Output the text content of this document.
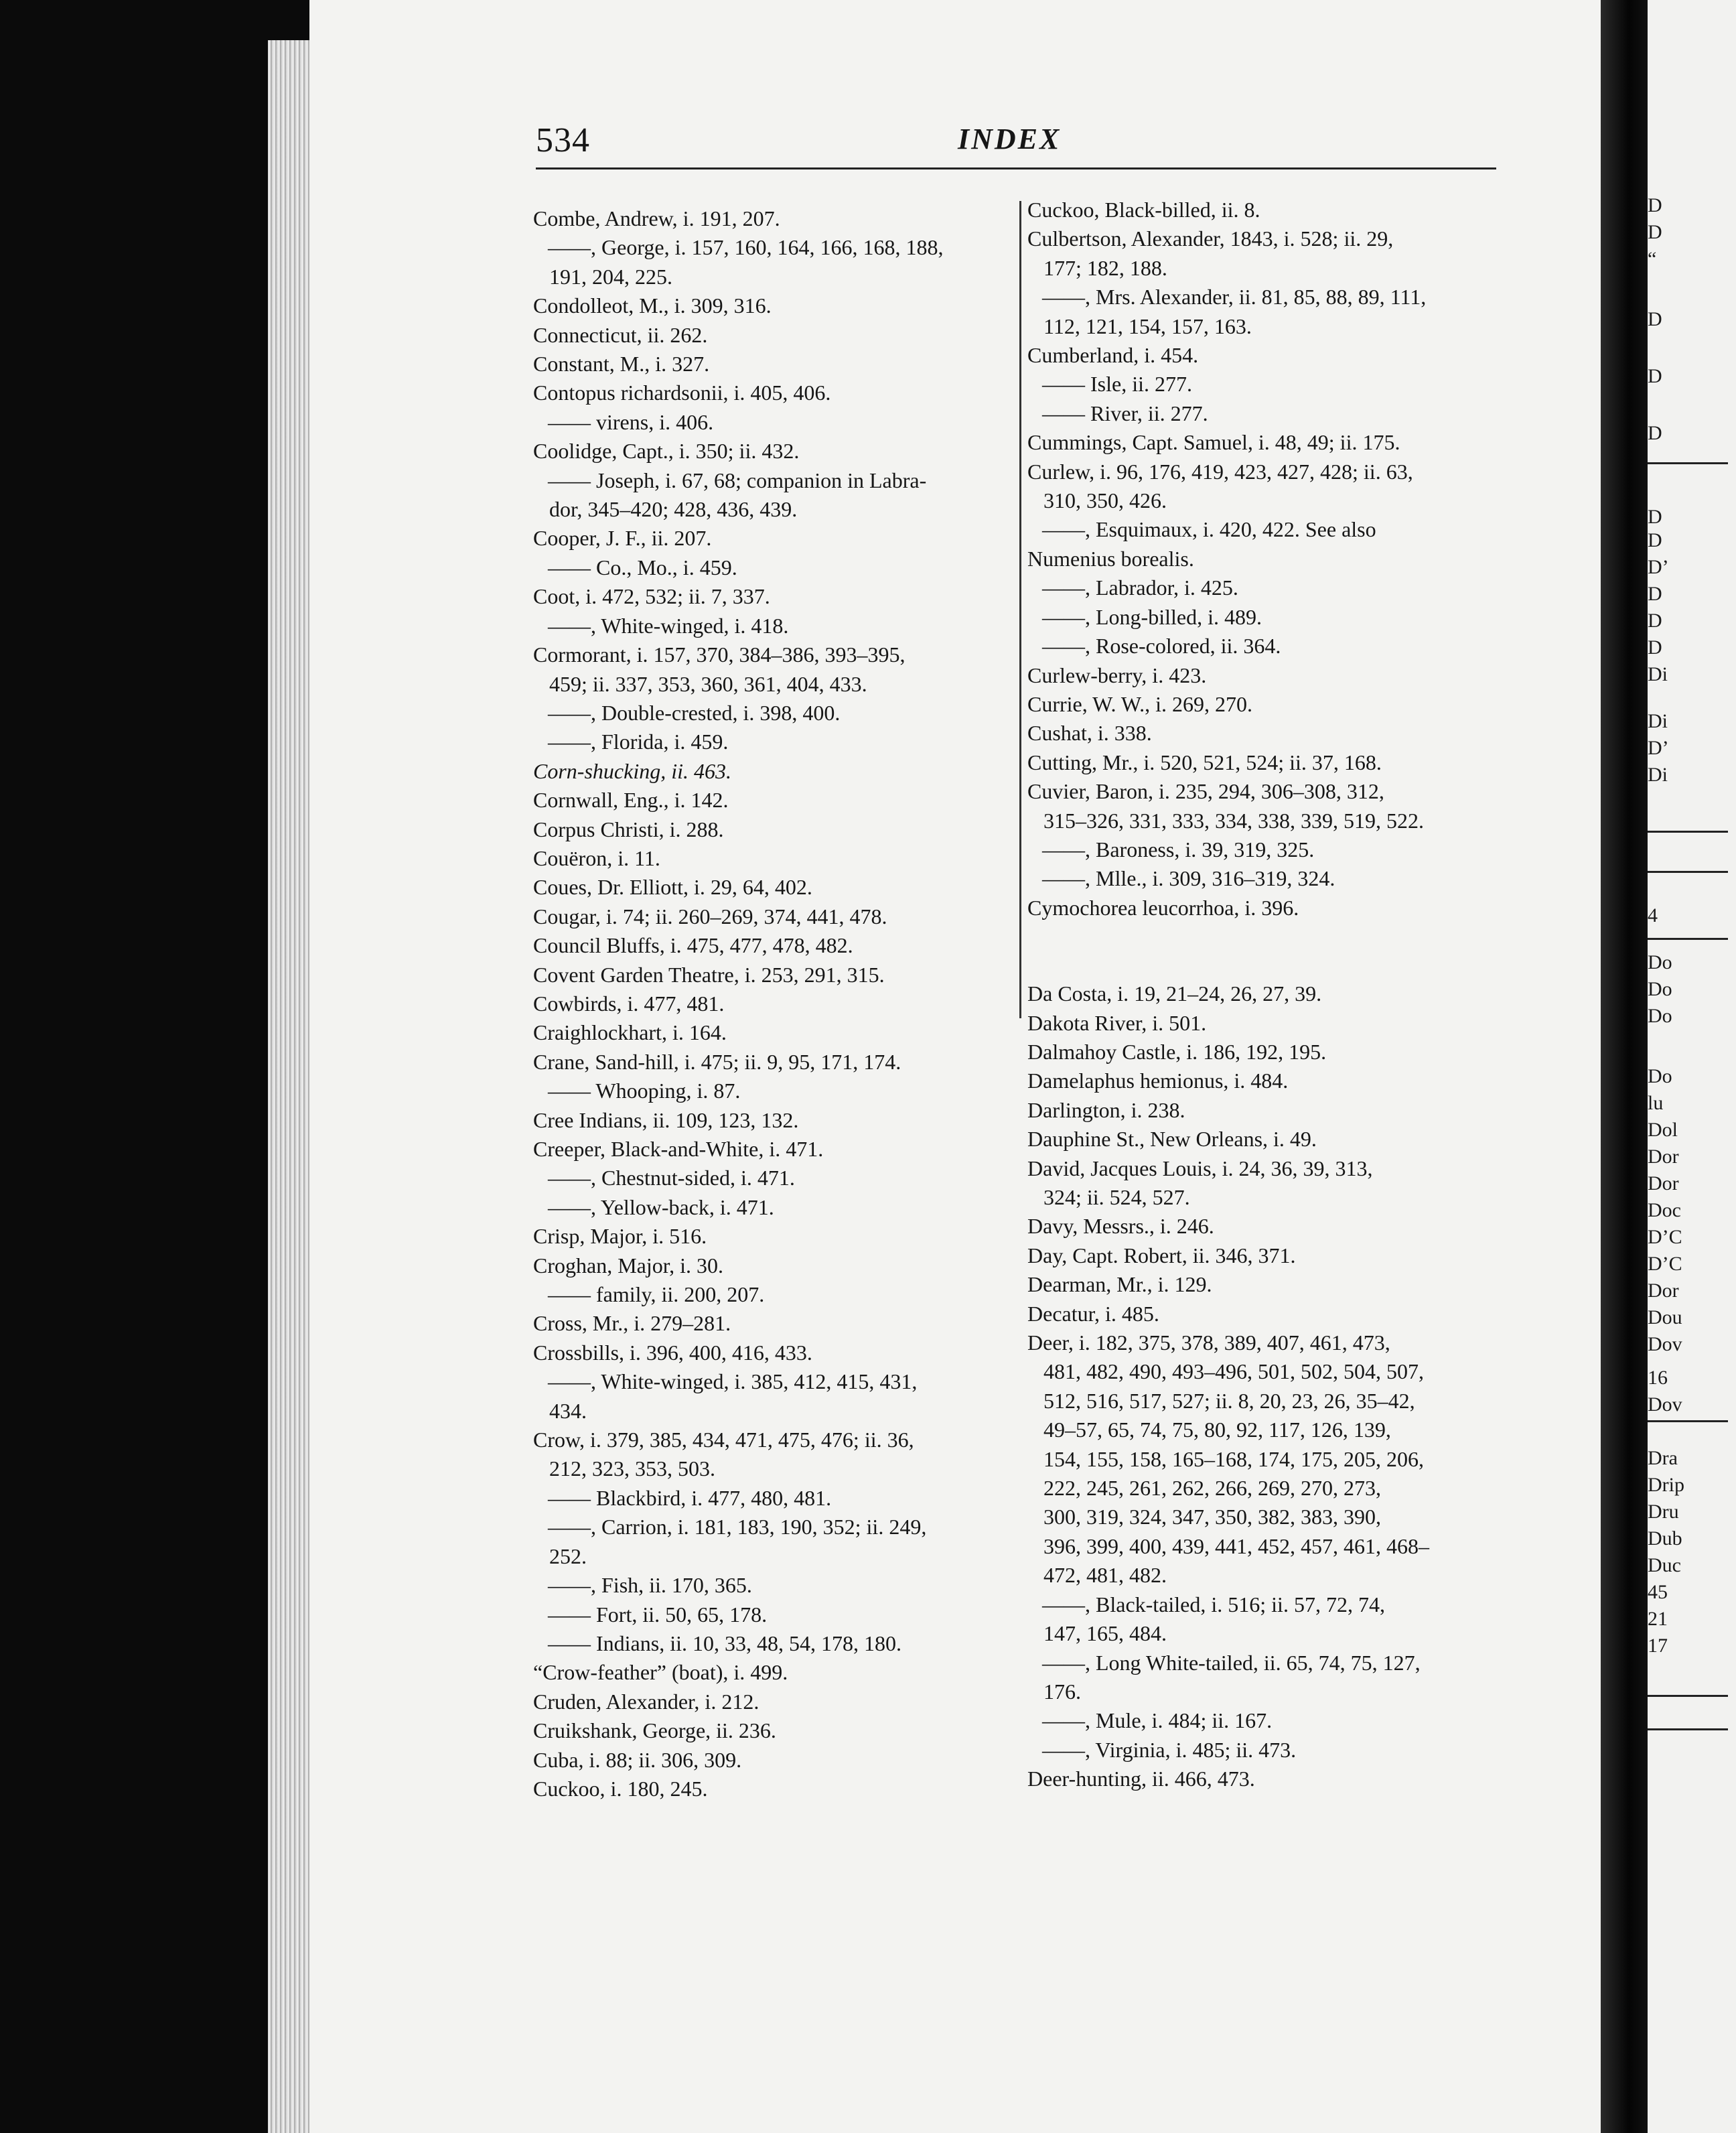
534	INDEX
Combe, Andrew, i. 191, 207.
——, George, i. 157, 160, 164, 166, 168, 188,
191, 204, 225.
Condolleot, M., i. 309, 316.
Connecticut, ii. 262.
Constant, M., i. 327.
Contopus richardsonii, i. 405, 406.
—— virens, i. 406.
Coolidge, Capt., i. 350; ii. 432.
—— Joseph, i. 67, 68; companion in Labra-
dor, 345–420; 428, 436, 439.
Cooper, J. F., ii. 207.
—— Co., Mo., i. 459.
Coot, i. 472, 532; ii. 7, 337.
——, White-winged, i. 418.
Cormorant, i. 157, 370, 384–386, 393–395,
459; ii. 337, 353, 360, 361, 404, 433.
——, Double-crested, i. 398, 400.
——, Florida, i. 459.
Corn-shucking, ii. 463.
Cornwall, Eng., i. 142.
Corpus Christi, i. 288.
Couëron, i. 11.
Coues, Dr. Elliott, i. 29, 64, 402.
Cougar, i. 74; ii. 260–269, 374, 441, 478.
Council Bluffs, i. 475, 477, 478, 482.
Covent Garden Theatre, i. 253, 291, 315.
Cowbirds, i. 477, 481.
Craighlockhart, i. 164.
Crane, Sand-hill, i. 475; ii. 9, 95, 171, 174.
—— Whooping, i. 87.
Cree Indians, ii. 109, 123, 132.
Creeper, Black-and-White, i. 471.
——, Chestnut-sided, i. 471.
——, Yellow-back, i. 471.
Crisp, Major, i. 516.
Croghan, Major, i. 30.
—— family, ii. 200, 207.
Cross, Mr., i. 279–281.
Crossbills, i. 396, 400, 416, 433.
——, White-winged, i. 385, 412, 415, 431,
434.
Crow, i. 379, 385, 434, 471, 475, 476; ii. 36,
212, 323, 353, 503.
—— Blackbird, i. 477, 480, 481.
——, Carrion, i. 181, 183, 190, 352; ii. 249,
252.
——, Fish, ii. 170, 365.
—— Fort, ii. 50, 65, 178.
—— Indians, ii. 10, 33, 48, 54, 178, 180.
“Crow-feather” (boat), i. 499.
Cruden, Alexander, i. 212.
Cruikshank, George, ii. 236.
Cuba, i. 88; ii. 306, 309.
Cuckoo, i. 180, 245.
Cuckoo, Black-billed, ii. 8.
Culbertson, Alexander, 1843, i. 528; ii. 29,
177; 182, 188.
——, Mrs. Alexander, ii. 81, 85, 88, 89, 111,
112, 121, 154, 157, 163.
Cumberland, i. 454.
—— Isle, ii. 277.
—— River, ii. 277.
Cummings, Capt. Samuel, i. 48, 49; ii. 175.
Curlew, i. 96, 176, 419, 423, 427, 428; ii. 63,
310, 350, 426.
——, Esquimaux, i. 420, 422. See also
Numenius borealis.
——, Labrador, i. 425.
——, Long-billed, i. 489.
——, Rose-colored, ii. 364.
Curlew-berry, i. 423.
Currie, W. W., i. 269, 270.
Cushat, i. 338.
Cutting, Mr., i. 520, 521, 524; ii. 37, 168.
Cuvier, Baron, i. 235, 294, 306–308, 312,
315–326, 331, 333, 334, 338, 339, 519, 522.
——, Baroness, i. 39, 319, 325.
——, Mlle., i. 309, 316–319, 324.
Cymochorea leucorrhoa, i. 396.
Da Costa, i. 19, 21–24, 26, 27, 39.
Dakota River, i. 501.
Dalmahoy Castle, i. 186, 192, 195.
Damelaphus hemionus, i. 484.
Darlington, i. 238.
Dauphine St., New Orleans, i. 49.
David, Jacques Louis, i. 24, 36, 39, 313,
324; ii. 524, 527.
Davy, Messrs., i. 246.
Day, Capt. Robert, ii. 346, 371.
Dearman, Mr., i. 129.
Decatur, i. 485.
Deer, i. 182, 375, 378, 389, 407, 461, 473,
481, 482, 490, 493–496, 501, 502, 504, 507,
512, 516, 517, 527; ii. 8, 20, 23, 26, 35–42,
49–57, 65, 74, 75, 80, 92, 117, 126, 139,
154, 155, 158, 165–168, 174, 175, 205, 206,
222, 245, 261, 262, 266, 269, 270, 273,
300, 319, 324, 347, 350, 382, 383, 390,
396, 399, 400, 439, 441, 452, 457, 461, 468–
472, 481, 482.
——, Black-tailed, i. 516; ii. 57, 72, 74,
147, 165, 484.
——, Long White-tailed, ii. 65, 74, 75, 127,
176.
——, Mule, i. 484; ii. 167.
——, Virginia, i. 485; ii. 473.
Deer-hunting, ii. 466, 473.
D
D
“
D
D
D
D
D
D’
D
D
D
Di
Di
D’
Di
4
Do
Do
Do
Do
lu
Dol
Dor
Dor
Doc
D’C
D’C
Dor
Dou
Dov
16
Dov
Dra
Drip
Dru
Dub
Duc
45
21
17
